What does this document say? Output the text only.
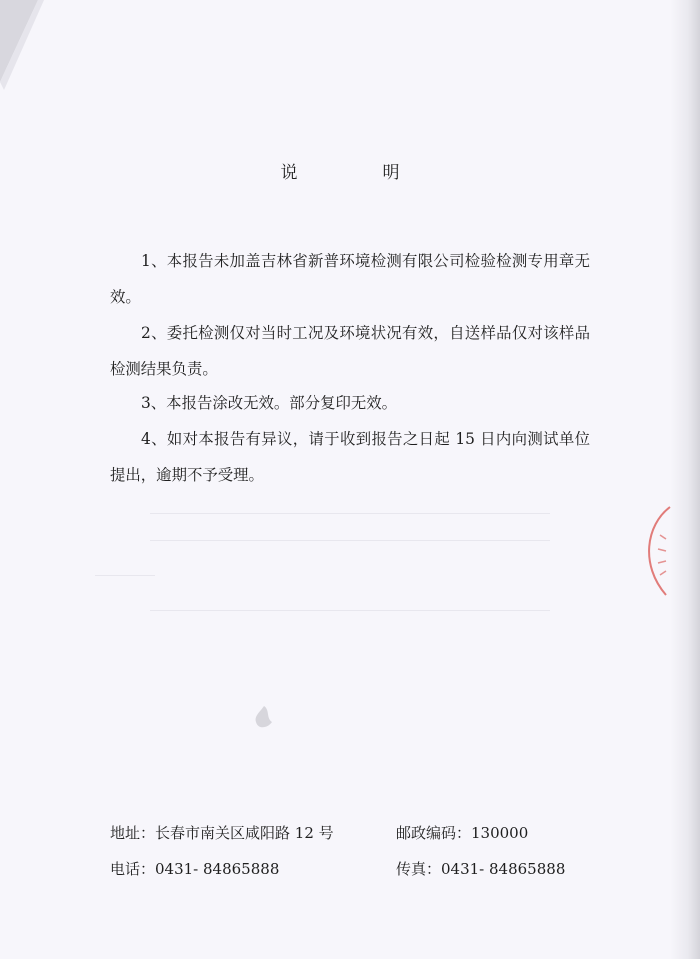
说　明

1、本报告未加盖吉林省新普环境检测有限公司检验检测专用章无效。

2、委托检测仅对当时工况及环境状况有效，自送样品仅对该样品检测结果负责。

3、本报告涂改无效。部分复印无效。

4、如对本报告有异议，请于收到报告之日起 15 日内向测试单位提出，逾期不予受理。

地址：长春市南关区咸阳路 12 号	邮政编码：130000
电话：0431- 84865888	传真：0431- 84865888
